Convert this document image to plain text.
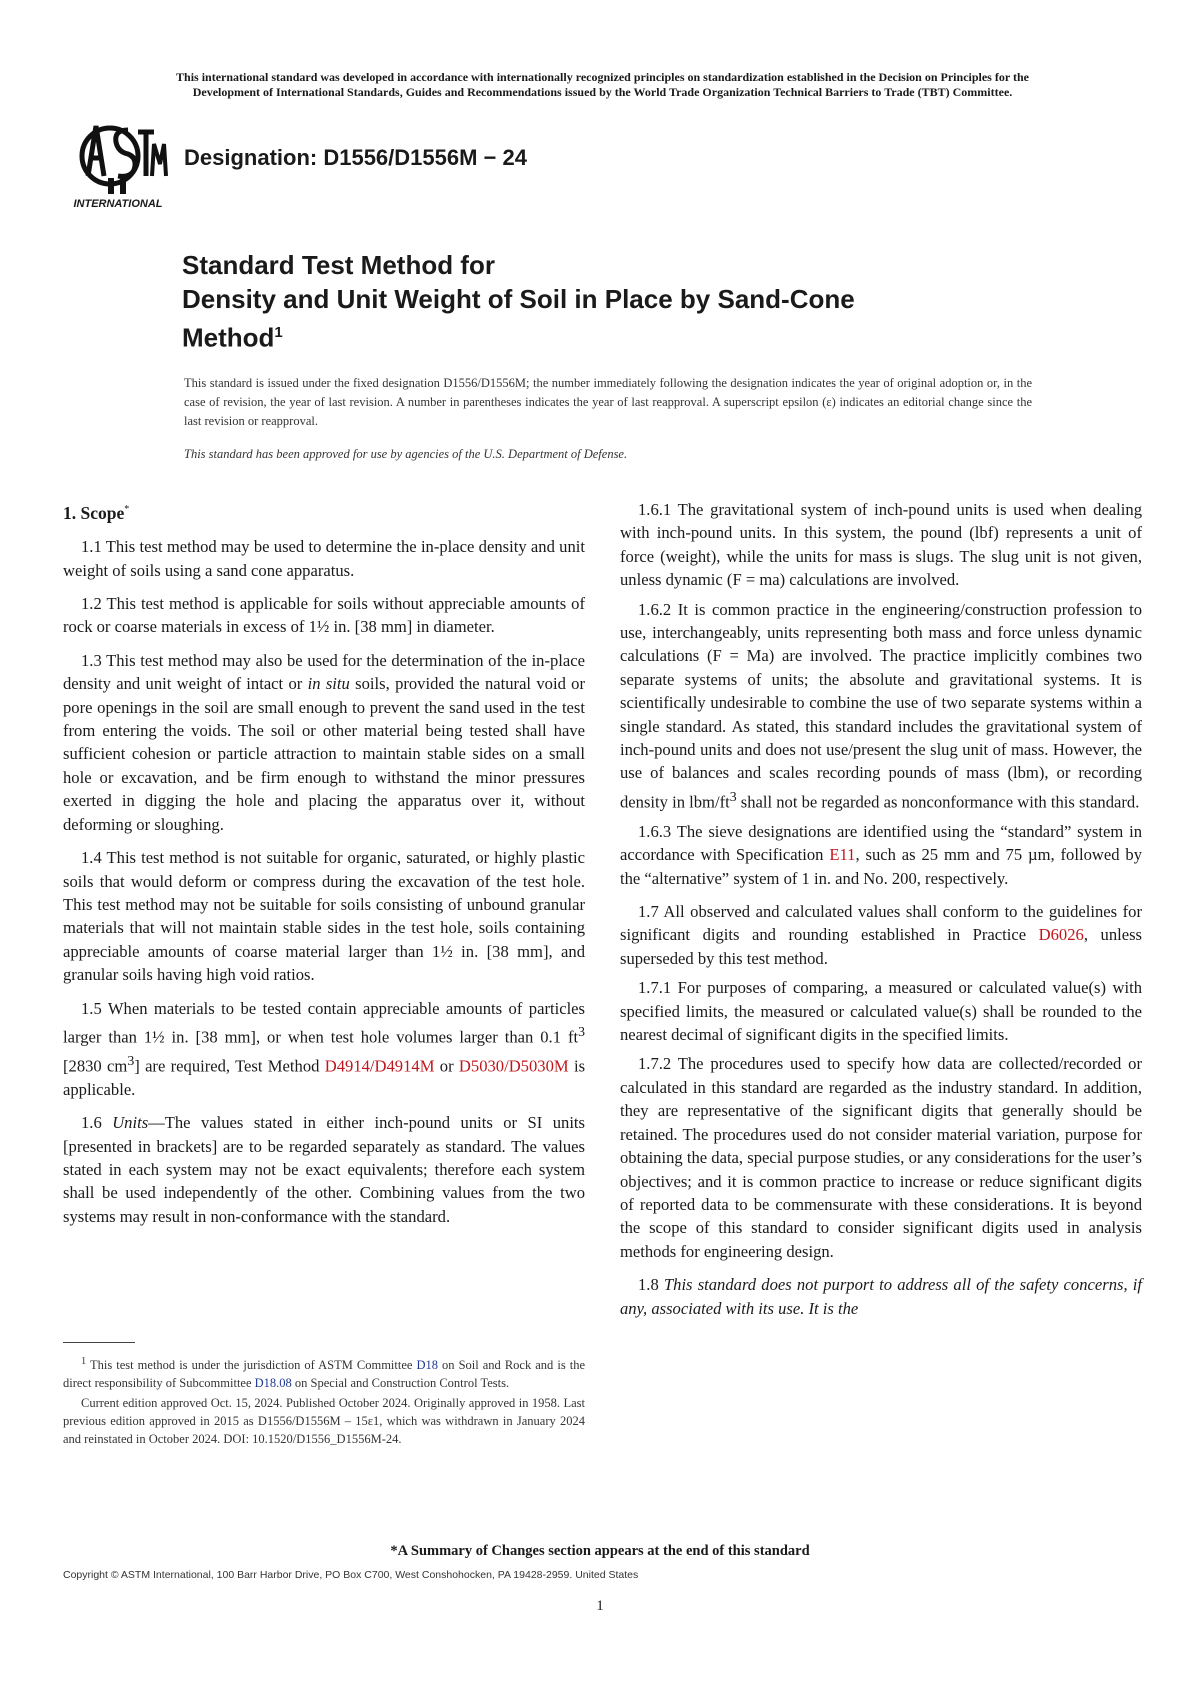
This international standard was developed in accordance with internationally recognized principles on standardization established in the Decision on Principles for the
Development of International Standards, Guides and Recommendations issued by the World Trade Organization Technical Barriers to Trade (TBT) Committee.
INTERNATIONAL
Designation: D1556/D1556M − 24
Standard Test Method for
Density and Unit Weight of Soil in Place by Sand-Cone
Method$^1$
This standard is issued under the fixed designation D1556/D1556M; the number immediately following the designation indicates the year of original adoption or, in the case of revision, the year of last revision. A number in parentheses indicates the year of last reapproval. A superscript epsilon (ε) indicates an editorial change since the last revision or reapproval.
This standard has been approved for use by agencies of the U.S. Department of Defense.

1. Scope*

1.1 This test method may be used to determine the in-place density and unit weight of soils using a sand cone apparatus.

1.2 This test method is applicable for soils without appreciable amounts of rock or coarse materials in excess of 1½ in. [38 mm] in diameter.

1.3 This test method may also be used for the determination of the in-place density and unit weight of intact or in situ soils, provided the natural void or pore openings in the soil are small enough to prevent the sand used in the test from entering the voids. The soil or other material being tested shall have sufficient cohesion or particle attraction to maintain stable sides on a small hole or excavation, and be firm enough to withstand the minor pressures exerted in digging the hole and placing the apparatus over it, without deforming or sloughing.

1.4 This test method is not suitable for organic, saturated, or highly plastic soils that would deform or compress during the excavation of the test hole. This test method may not be suitable for soils consisting of unbound granular materials that will not maintain stable sides in the test hole, soils containing appreciable amounts of coarse material larger than 1½ in. [38 mm], and granular soils having high void ratios.

1.5 When materials to be tested contain appreciable amounts of particles larger than 1½ in. [38 mm], or when test hole volumes larger than 0.1 $ft^3$ [2830 $cm^3$] are required, Test Method D4914/D4914M or D5030/D5030M is applicable.

1.6 Units—The values stated in either inch-pound units or SI units [presented in brackets] are to be regarded separately as standard. The values stated in each system may not be exact equivalents; therefore each system shall be used independently of the other. Combining values from the two systems may result in non-conformance with the standard.

1.6.1 The gravitational system of inch-pound units is used when dealing with inch-pound units. In this system, the pound (lbf) represents a unit of force (weight), while the units for mass is slugs. The slug unit is not given, unless dynamic (F = ma) calculations are involved.

1.6.2 It is common practice in the engineering/construction profession to use, interchangeably, units representing both mass and force unless dynamic calculations (F = Ma) are involved. The practice implicitly combines two separate systems of units; the absolute and gravitational systems. It is scientifically undesirable to combine the use of two separate systems within a single standard. As stated, this standard includes the gravitational system of inch-pound units and does not use/present the slug unit of mass. However, the use of balances and scales recording pounds of mass (lbm), or recording density in lbm/$ft^3$ shall not be regarded as nonconformance with this standard.

1.6.3 The sieve designations are identified using the “standard” system in accordance with Specification E11, such as 25 mm and 75 µm, followed by the “alternative” system of 1 in. and No. 200, respectively.

1.7 All observed and calculated values shall conform to the guidelines for significant digits and rounding established in Practice D6026, unless superseded by this test method.

1.7.1 For purposes of comparing, a measured or calculated value(s) with specified limits, the measured or calculated value(s) shall be rounded to the nearest decimal of significant digits in the specified limits.

1.7.2 The procedures used to specify how data are collected/recorded or calculated in this standard are regarded as the industry standard. In addition, they are representative of the significant digits that generally should be retained. The procedures used do not consider material variation, purpose for obtaining the data, special purpose studies, or any considerations for the user’s objectives; and it is common practice to increase or reduce significant digits of reported data to be commensurate with these considerations. It is beyond the scope of this standard to consider significant digits used in analysis methods for engineering design.

1.8 This standard does not purport to address all of the safety concerns, if any, associated with its use. It is the

$^1$ This test method is under the jurisdiction of ASTM Committee D18 on Soil and Rock and is the direct responsibility of Subcommittee D18.08 on Special and Construction Control Tests.

Current edition approved Oct. 15, 2024. Published October 2024. Originally approved in 1958. Last previous edition approved in 2015 as D1556/D1556M – 15ε1, which was withdrawn in January 2024 and reinstated in October 2024. DOI: 10.1520/D1556_D1556M-24.

*A Summary of Changes section appears at the end of this standard
Copyright © ASTM International, 100 Barr Harbor Drive, PO Box C700, West Conshohocken, PA 19428-2959. United States
1
